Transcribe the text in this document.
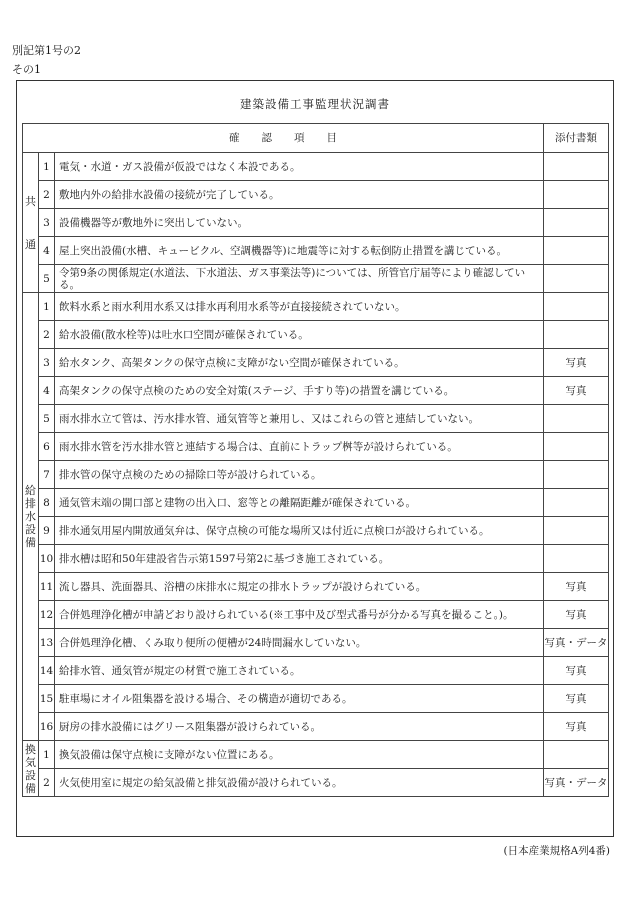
別記第1号の2
その1
建築設備工事監理状況調書
確 認 項 目			添付書類

共
通	1	電気・水道・ガス設備が仮設ではなく本設である。	
	2	敷地内外の給排水設備の接続が完了している。	
	3	設備機器等が敷地外に突出していない。	
	4	屋上突出設備(水槽、キュービクル、空調機器等)に地震等に対する転倒防止措置を講じている。	
	5	令第9条の関係規定(水道法、下水道法、ガス事業法等)については、所管官庁届等により確認している。	

給
排
水
設
備	1	飲料水系と雨水利用水系又は排水再利用水系等が直接接続されていない。	
	2	給水設備(散水栓等)は吐水口空間が確保されている。	
	3	給水タンク、高架タンクの保守点検に支障がない空間が確保されている。	写真
	4	高架タンクの保守点検のための安全対策(ステージ、手すり等)の措置を講じている。	写真
	5	雨水排水立て管は、汚水排水管、通気管等と兼用し、又はこれらの管と連結していない。	
	6	雨水排水管を汚水排水管と連結する場合は、直前にトラップ桝等が設けられている。	
	7	排水管の保守点検のための掃除口等が設けられている。	
	8	通気管末端の開口部と建物の出入口、窓等との離隔距離が確保されている。	
	9	排水通気用屋内開放通気弁は、保守点検の可能な場所又は付近に点検口が設けられている。	
	10	排水槽は昭和50年建設省告示第1597号第2に基づき施工されている。	
	11	流し器具、洗面器具、浴槽の床排水に規定の排水トラップが設けられている。	写真
	12	合併処理浄化槽が申請どおり設けられている(※工事中及び型式番号が分かる写真を撮ること。)。	写真
	13	合併処理浄化槽、くみ取り便所の便槽が24時間漏水していない。	写真・データ
	14	給排水管、通気管が規定の材質で施工されている。	写真
	15	駐車場にオイル阻集器を設ける場合、その構造が適切である。	写真
	16	厨房の排水設備にはグリース阻集器が設けられている。	写真

換
気
設
備	1	換気設備は保守点検に支障がない位置にある。	
	2	火気使用室に規定の給気設備と排気設備が設けられている。	写真・データ
(日本産業規格A列4番)
